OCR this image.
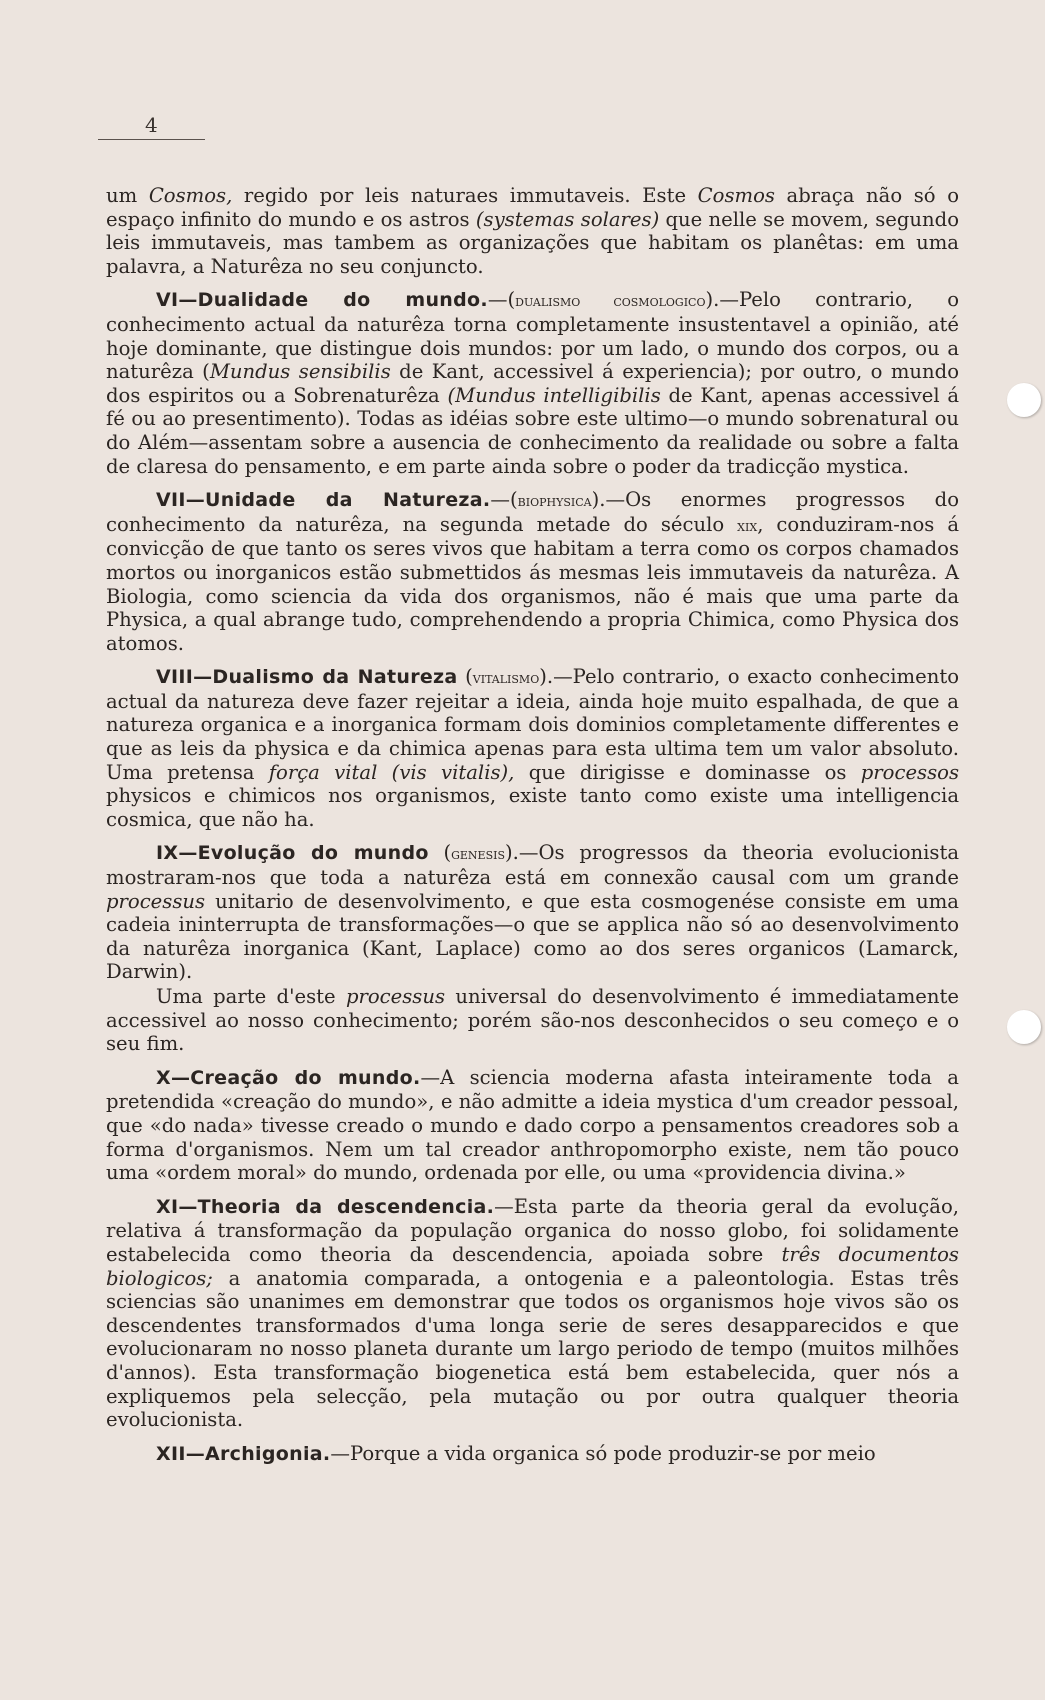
4

um Cosmos, regido por leis naturaes immutaveis. Este Cosmos abraça não só o espaço infinito do mundo e os astros (systemas solares) que nelle se movem, segundo leis immutaveis, mas tambem as organizações que habitam os planêtas: em uma palavra, a Naturêza no seu conjuncto.

VI—Dualidade do mundo.—(dualismo cosmologico).—Pelo contrario, o conhecimento actual da naturêza torna completamente insustentavel a opinião, até hoje dominante, que distingue dois mundos: por um lado, o mundo dos corpos, ou a naturêza (Mundus sensibilis de Kant, accessivel á experiencia); por outro, o mundo dos espiritos ou a Sobrenaturêza (Mundus intelligibilis de Kant, apenas accessivel á fé ou ao presentimento). Todas as idéias sobre este ultimo—o mundo sobrenatural ou do Além—assentam sobre a ausencia de conhecimento da realidade ou sobre a falta de claresa do pensamento, e em parte ainda sobre o poder da tradicção mystica.

VII—Unidade da Natureza.—(biophysica).—Os enormes progressos do conhecimento da naturêza, na segunda metade do século xix, conduziram-nos á convicção de que tanto os seres vivos que habitam a terra como os corpos chamados mortos ou inorganicos estão submettidos ás mesmas leis immutaveis da naturêza. A Biologia, como sciencia da vida dos organismos, não é mais que uma parte da Physica, a qual abrange tudo, comprehendendo a propria Chimica, como Physica dos atomos.

VIII—Dualismo da Natureza (vitalismo).—Pelo contrario, o exacto conhecimento actual da natureza deve fazer rejeitar a ideia, ainda hoje muito espalhada, de que a natureza organica e a inorganica formam dois dominios completamente differentes e que as leis da physica e da chimica apenas para esta ultima tem um valor absoluto. Uma pretensa força vital (vis vitalis), que dirigisse e dominasse os processos physicos e chimicos nos organismos, existe tanto como existe uma intelligencia cosmica, que não ha.

IX—Evolução do mundo (genesis).—Os progressos da theoria evolucionista mostraram-nos que toda a naturêza está em connexão causal com um grande processus unitario de desenvolvimento, e que esta cosmogenése consiste em uma cadeia ininterrupta de transformações—o que se applica não só ao desenvolvimento da naturêza inorganica (Kant, Laplace) como ao dos seres organicos (Lamarck, Darwin).

Uma parte d'este processus universal do desenvolvimento é immediatamente accessivel ao nosso conhecimento; porém são-nos desconhecidos o seu começo e o seu fim.

X—Creação do mundo.—A sciencia moderna afasta inteiramente toda a pretendida «creação do mundo», e não admitte a ideia mystica d'um creador pessoal, que «do nada» tivesse creado o mundo e dado corpo a pensamentos creadores sob a forma d'organismos. Nem um tal creador anthropomorpho existe, nem tão pouco uma «ordem moral» do mundo, ordenada por elle, ou uma «providencia divina.»

XI—Theoria da descendencia.—Esta parte da theoria geral da evolução, relativa á transformação da população organica do nosso globo, foi solidamente estabelecida como theoria da descendencia, apoiada sobre três documentos biologicos; a anatomia comparada, a ontogenia e a paleontologia. Estas três sciencias são unanimes em demonstrar que todos os organismos hoje vivos são os descendentes transformados d'uma longa serie de seres desapparecidos e que evolucionaram no nosso planeta durante um largo periodo de tempo (muitos milhões d'annos). Esta transformação biogenetica está bem estabelecida, quer nós a expliquemos pela selecção, pela mutação ou por outra qualquer theoria evolucionista.

XII—Archigonia.—Porque a vida organica só pode produzir-se por meio
